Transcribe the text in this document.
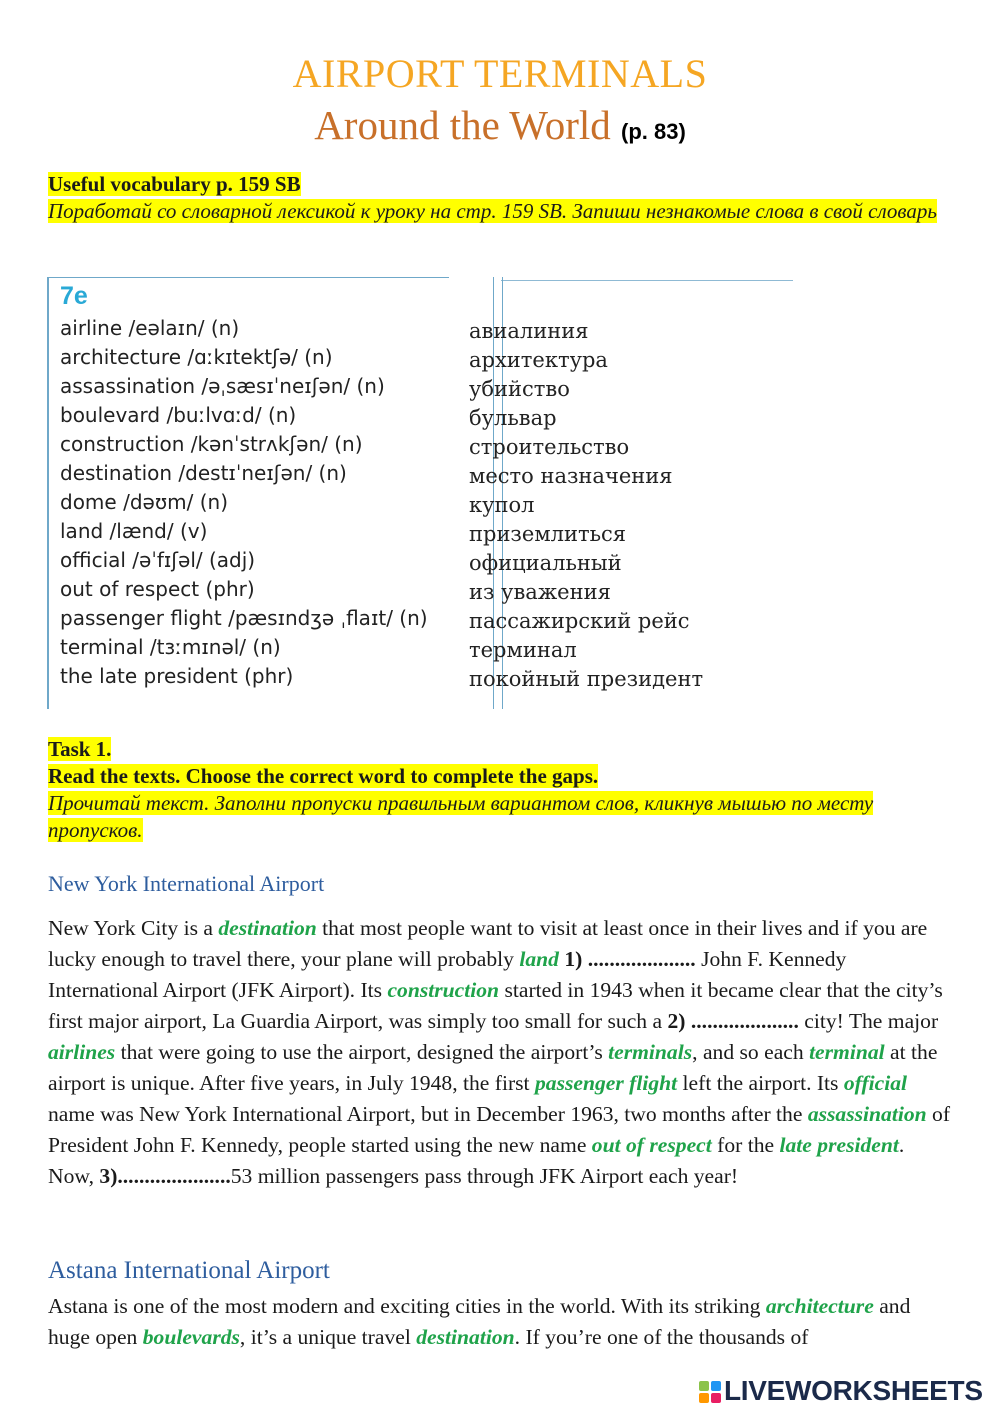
AIRPORT TERMINALS
Around the World (p. 83)
Useful vocabulary p. 159 SB
Поработай со словарной лексикой к уроку на стр. 159 SB. Запиши незнакомые слова в свой словарь
7e
airline /eəlaɪn/ (n)
architecture /ɑːkɪtektʃə/ (n)
assassination /əˌsæsɪˈneɪʃən/ (n)
boulevard /buːlvɑːd/ (n)
construction /kənˈstrʌkʃən/ (n)
destination /destɪˈneɪʃən/ (n)
dome /dəʊm/ (n)
land /lænd/ (v)
official /əˈfɪʃəl/ (adj)
out of respect (phr)
passenger flight /pæsɪndʒə ˌflaɪt/ (n)
terminal /tɜːmɪnəl/ (n)
the late president (phr)
авиалиния
архитектура
убийство
бульвар
строительство
место назначения
купол
приземлиться
официальный
из уважения
пассажирский рейс
терминал
покойный президент
Task 1.
Read the texts. Choose the correct word to complete the gaps.
Прочитай текст. Заполни пропуски правильным вариантом слов, кликнув мышью по месту пропусков.
New York International Airport
New York City is a destination that most people want to visit at least once in their lives and if you are lucky enough to travel there, your plane will probably land 1) .................... John F. Kennedy International Airport (JFK Airport). Its construction started in 1943 when it became clear that the city’s first major airport, La Guardia Airport, was simply too small for such a 2) .................... city! The major airlines that were going to use the airport, designed the airport’s terminals, and so each terminal at the airport is unique. After five years, in July 1948, the first passenger flight left the airport. Its official name was New York International Airport, but in December 1963, two months after the assassination of President John F. Kennedy, people started using the new name out of respect for the late president. Now, 3).....................53 million passengers pass through JFK Airport each year!
Astana International Airport
Astana is one of the most modern and exciting cities in the world. With its striking architecture and huge open boulevards, it’s a unique travel destination. If you’re one of the thousands of
LIVEWORKSHEETS
